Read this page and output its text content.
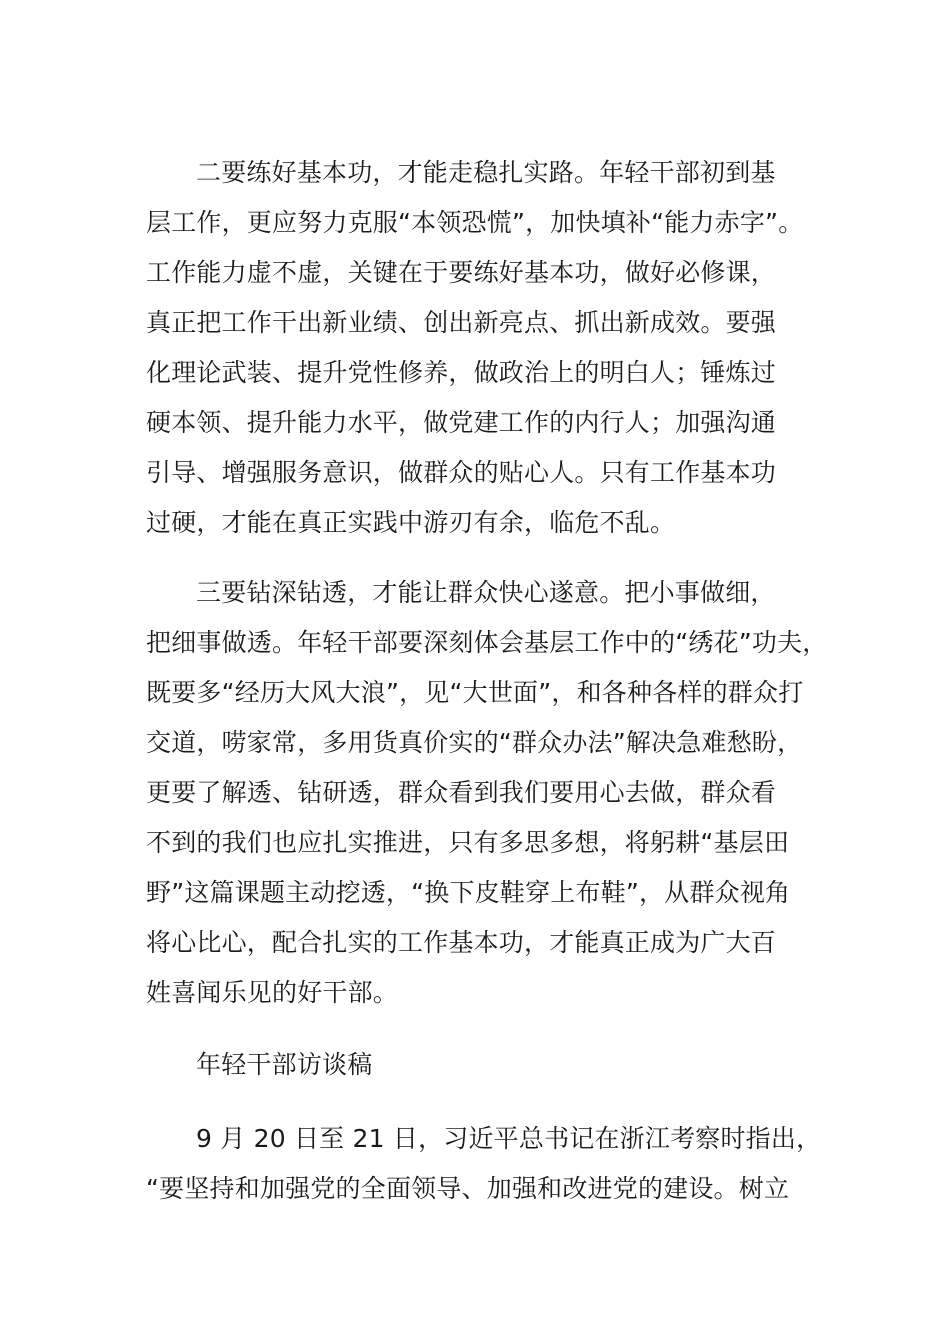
二要练好基本功，才能走稳扎实路。年轻干部初到基
层工作，更应努力克服“本领恐慌”，加快填补“能力赤字”。
工作能力虚不虚，关键在于要练好基本功，做好必修课，
真正把工作干出新业绩、创出新亮点、抓出新成效。要强
化理论武装、提升党性修养，做政治上的明白人；锤炼过
硬本领、提升能力水平，做党建工作的内行人；加强沟通
引导、增强服务意识，做群众的贴心人。只有工作基本功
过硬，才能在真正实践中游刃有余，临危不乱。
三要钻深钻透，才能让群众快心遂意。把小事做细，
把细事做透。年轻干部要深刻体会基层工作中的“绣花”功夫，
既要多“经历大风大浪”，见“大世面”，和各种各样的群众打
交道，唠家常，多用货真价实的“群众办法”解决急难愁盼，
更要了解透、钻研透，群众看到我们要用心去做，群众看
不到的我们也应扎实推进，只有多思多想，将躬耕“基层田
野”这篇课题主动挖透，“换下皮鞋穿上布鞋”，从群众视角
将心比心，配合扎实的工作基本功，才能真正成为广大百
姓喜闻乐见的好干部。
年轻干部访谈稿
9 月 20 日至 21 日，习近平总书记在浙江考察时指出，
“要坚持和加强党的全面领导、加强和改进党的建设。树立
